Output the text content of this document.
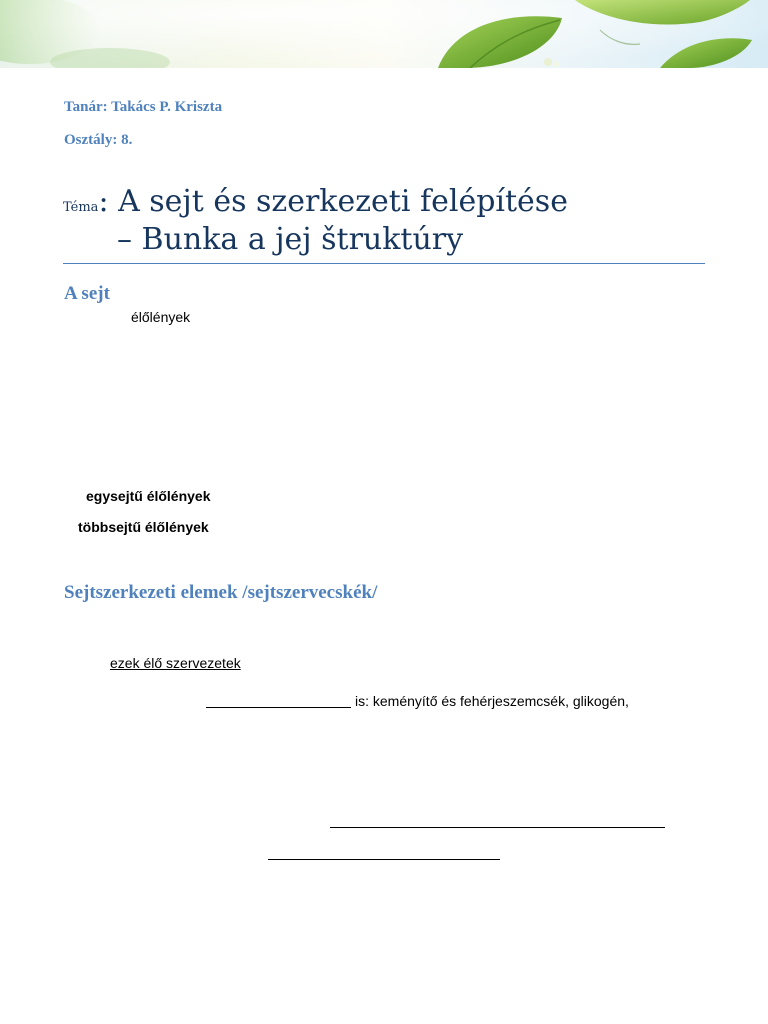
Tanár: Takács P. Kriszta
Osztály: 8.
Téma: A sejt és szerkezeti felépítése
– Bunka a jej štruktúry
A sejt
élőlények
egysejtű élőlények
többsejtű élőlények
Sejtszerkezeti elemek /sejtszervecskék/
ezek élő szervezetek
is: keményítő és fehérjeszemcsék, glikogén,
